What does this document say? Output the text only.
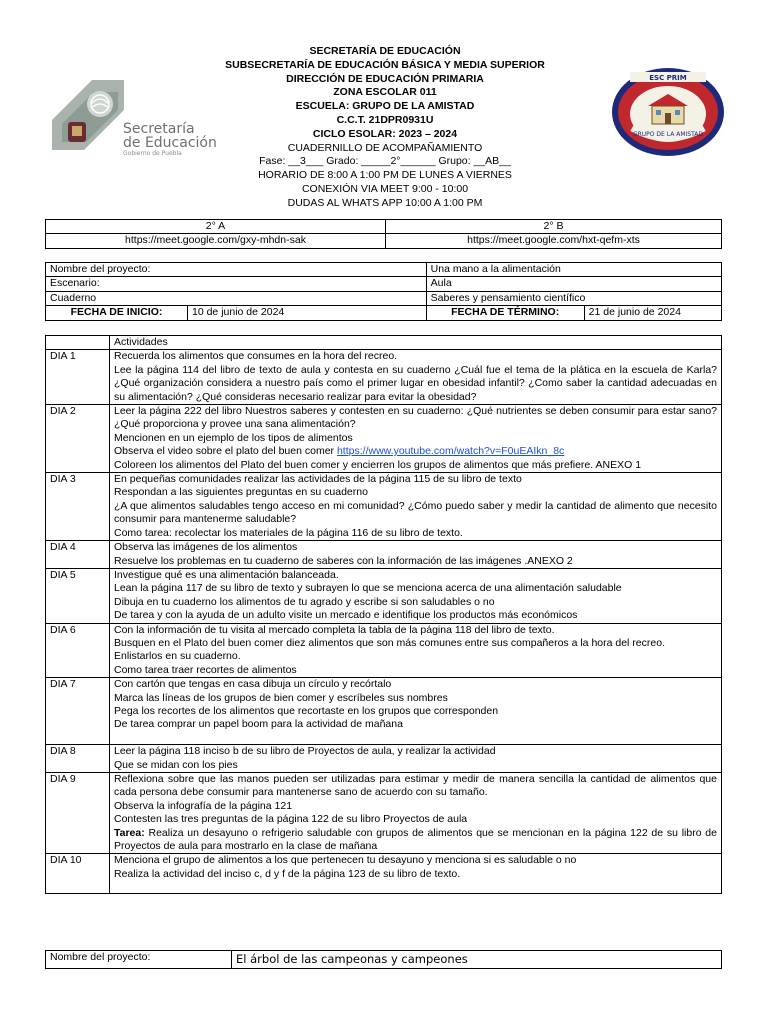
Secretaría
de Educación
Gobierno de Puebla
GRUPO DE LA AMISTAD
ESC PRIM
SECRETARÍA DE EDUCACIÓN
SUBSECRETARÍA DE EDUCACIÓN BÁSICA Y MEDIA SUPERIOR
DIRECCIÓN DE EDUCACIÓN PRIMARIA
ZONA ESCOLAR 011
ESCUELA: GRUPO DE LA AMISTAD
C.C.T. 21DPR0931U
CICLO ESOLAR: 2023 – 2024
CUADERNILLO DE ACOMPAÑAMIENTO
Fase: __3___ Grado: _____2°______ Grupo: __AB__
HORARIO DE 8:00 A 1:00 PM DE LUNES A VIERNES
CONEXIÓN VIA MEET 9:00 - 10:00
DUDAS AL WHATS APP 10:00 A 1:00 PM
2° A	2° B
https://meet.google.com/gxy-mhdn-sak	https://meet.google.com/hxt-qefm-xts
Nombre del proyecto:		Una mano a la alimentación	
Escenario:		Aula	
Cuaderno		Saberes y pensamiento científico	
FECHA DE INICIO:	10 de junio de 2024	FECHA DE TÉRMINO:	21 de junio de 2024
	Actividades
DIA 1	Recuerda los alimentos que consumes en la hora del recreo.
Lee la página 114 del libro de texto de aula y contesta en su cuaderno ¿Cuál fue el tema de la plática en la escuela de Karla? ¿Qué organización considera a nuestro país como el primer lugar en obesidad infantil? ¿Como saber la cantidad adecuadas en su alimentación? ¿Qué consideras necesario realizar para evitar la obesidad?

DIA 2	Leer la página 222 del libro Nuestros saberes y contesten en su cuaderno: ¿Qué nutrientes se deben consumir para estar sano? ¿Qué proporciona y provee una sana alimentación?
Mencionen en un ejemplo de los tipos de alimentos
Observa el video sobre el plato del buen comer https://www.youtube.com/watch?v=F0uEAIkn_8c
Coloreen los alimentos del Plato del buen comer y encierren los grupos de alimentos que más prefiere. ANEXO 1

DIA 3	En pequeñas comunidades realizar las actividades de la página 115 de su libro de texto
Respondan a las siguientes preguntas en su cuaderno
¿A que alimentos saludables tengo acceso en mi comunidad? ¿Cómo puedo saber y medir la cantidad de alimento que necesito consumir para mantenerme saludable?
Como tarea: recolectar los materiales de la página 116 de su libro de texto.

DIA 4	Observa las imágenes de los alimentos
Resuelve los problemas en tu cuaderno de saberes con la información de las imágenes .ANEXO 2

DIA 5	Investigue qué es una alimentación balanceada.
Lean la página 117 de su libro de texto y subrayen lo que se menciona acerca de una alimentación saludable
Dibuja en tu cuaderno los alimentos de tu agrado y escribe si son saludables o no
De tarea y con la ayuda de un adulto visite un mercado e identifique los productos más económicos

DIA 6	Con la información de tu visita al mercado completa la tabla de la página 118 del libro de texto.
Busquen en el Plato del buen comer diez alimentos que son más comunes entre sus compañeros a la hora del recreo.
Enlistarlos en su cuaderno.
Como tarea traer recortes de alimentos

DIA 7	Con cartón que tengas en casa dibuja un círculo y recórtalo
Marca las líneas de los grupos de bien comer y escríbeles sus nombres
Pega los recortes de los alimentos que recortaste en los grupos que corresponden
De tarea comprar un papel boom para la actividad de mañana

DIA 8	Leer la página 118 inciso b de su libro de Proyectos de aula, y realizar la actividad
Que se midan con los pies

DIA 9	Reflexiona sobre que las manos pueden ser utilizadas para estimar y medir de manera sencilla la cantidad de alimentos que cada persona debe consumir para mantenerse sano de acuerdo con su tamaño.
Observa la infografía de la página 121
Contesten las tres preguntas de la página 122 de su libro Proyectos de aula
Tarea: Realiza un desayuno o refrigerio saludable con grupos de alimentos que se mencionan en la página 122 de su libro de Proyectos de aula para mostrarlo en la clase de mañana

DIA 10	Menciona el grupo de alimentos a los que pertenecen tu desayuno y menciona si es saludable o no
Realiza la actividad del inciso c, d y f de la página 123 de su libro de texto.
Nombre del proyecto:	El árbol de las campeonas y campeones
